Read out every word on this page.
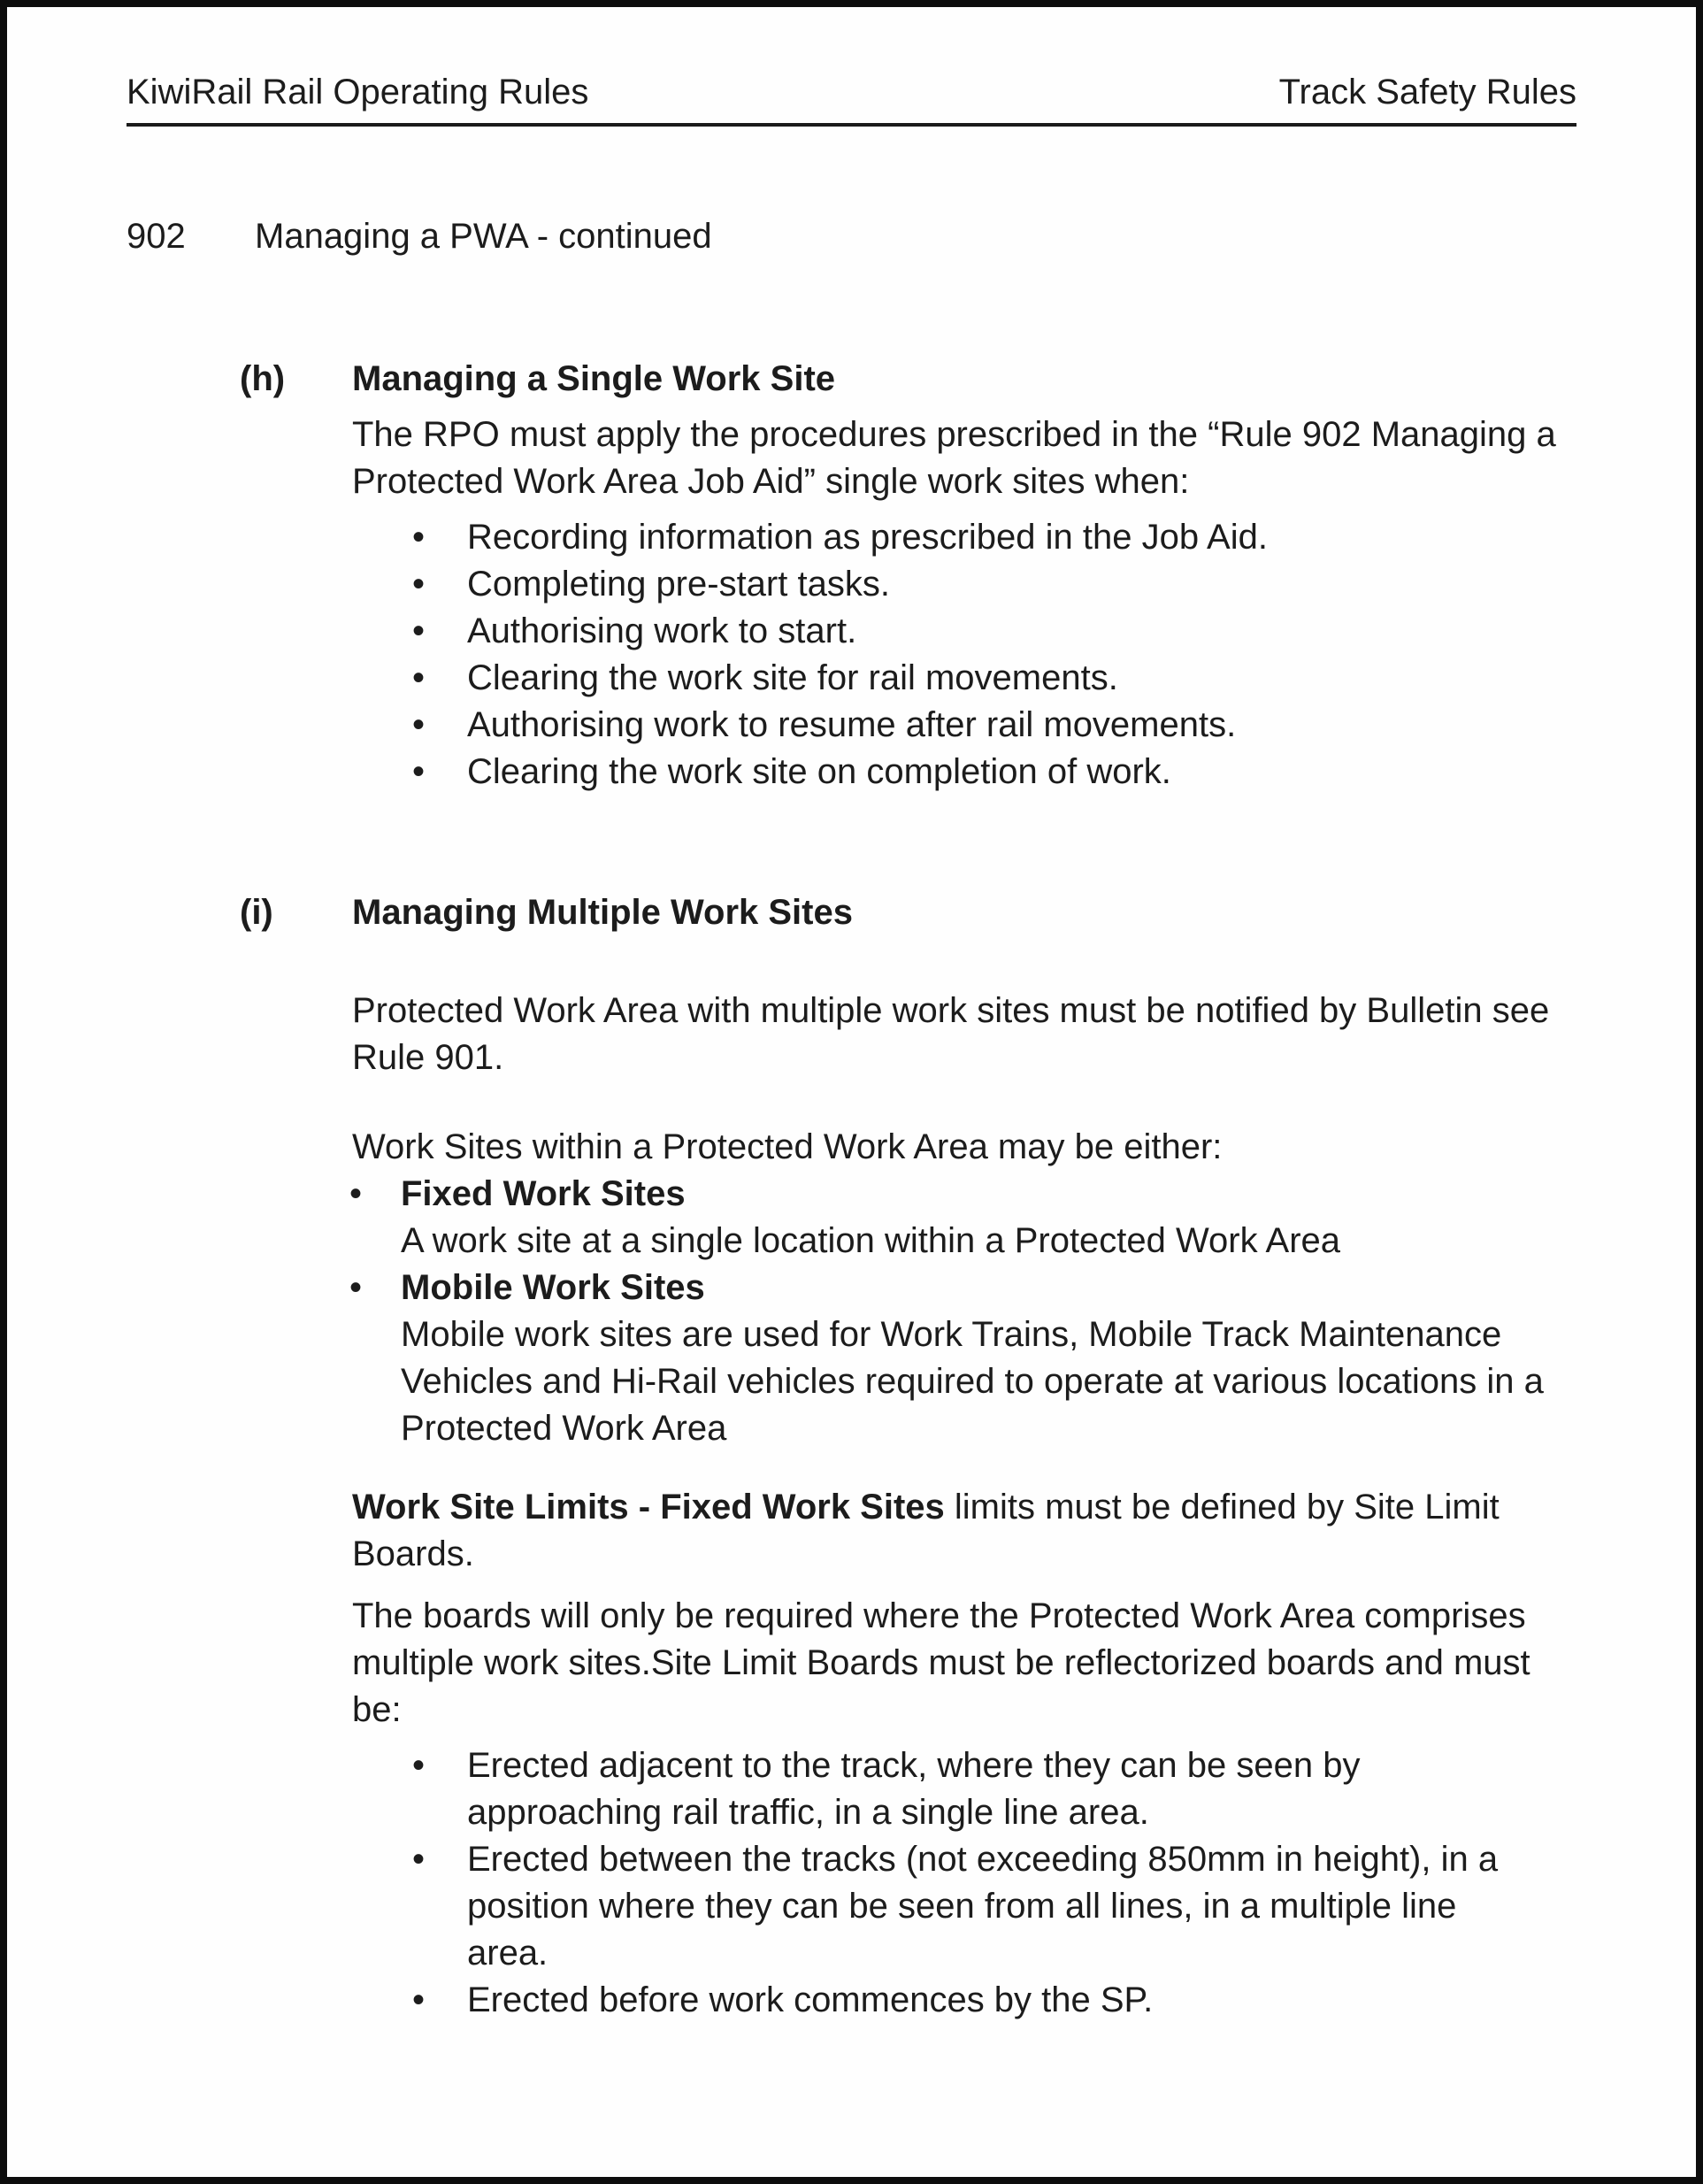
KiwiRail Rail Operating Rules	Track Safety Rules
902 Managing a PWA - continued
(h)	Managing a Single Work Site

The RPO must apply the procedures prescribed in the “Rule 902 Managing a Protected Work Area Job Aid” single work sites when:

• Recording information as prescribed in the Job Aid.
• Completing pre-start tasks.
• Authorising work to start.
• Clearing the work site for rail movements.
• Authorising work to resume after rail movements.
• Clearing the work site on completion of work.
(i)	Managing Multiple Work Sites

Protected Work Area with multiple work sites must be notified by Bulletin see Rule 901.

Work Sites within a Protected Work Area may be either:

• Fixed Work Sites
A work site at a single location within a Protected Work Area
• Mobile Work Sites
Mobile work sites are used for Work Trains, Mobile Track Maintenance Vehicles and Hi-Rail vehicles required to operate at various locations in a Protected Work Area

Work Site Limits - Fixed Work Sites limits must be defined by Site Limit Boards.

The boards will only be required where the Protected Work Area comprises multiple work sites.Site Limit Boards must be reflectorized boards and must be:

• Erected adjacent to the track, where they can be seen by approaching rail traffic, in a single line area.
• Erected between the tracks (not exceeding 850mm in height), in a position where they can be seen from all lines, in a multiple line area.
• Erected before work commences by the SP.
